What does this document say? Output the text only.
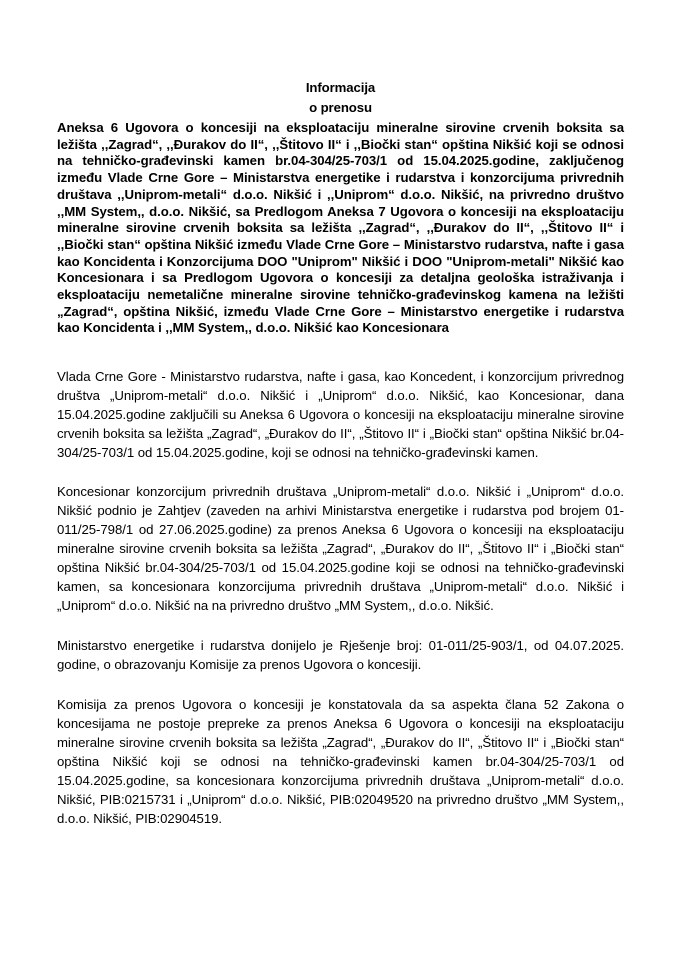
Informacija
o prenosu
Aneksa 6 Ugovora o koncesiji na eksploataciju mineralne sirovine crvenih boksita sa ležišta ,,Zagrad“, ,,Đurakov do II“, ,,Štitovo II“ i ,,Biočki stan“ opština Nikšić koji se odnosi na tehničko-građevinski kamen br.04-304/25-703/1 od 15.04.2025.godine, zaključenog između Vlade Crne Gore – Ministarstva energetike i rudarstva i konzorcijuma privrednih društava ,,Uniprom-metali“ d.o.o. Nikšić i ,,Uniprom“ d.o.o. Nikšić, na privredno društvo ,,MM System,, d.o.o. Nikšić, sa Predlogom Aneksa 7 Ugovora o koncesiji na eksploataciju mineralne sirovine crvenih boksita sa ležišta ,,Zagrad“, ,,Đurakov do II“, ,,Štitovo II“ i ,,Biočki stan“ opština Nikšić između Vlade Crne Gore – Ministarstvo rudarstva, nafte i gasa kao Koncidenta i Konzorcijuma DOO "Uniprom" Nikšić i DOO "Uniprom-metali" Nikšić kao Koncesionara i sa Predlogom Ugovora o koncesiji za detaljna geološka istraživanja i eksploataciju nemetalične mineralne sirovine tehničko-građevinskog kamena na ležišti „Zagrad“, opština Nikšić, između Vlade Crne Gore – Ministarstvo energetike i rudarstva kao Koncidenta i ,,MM System,, d.o.o. Nikšić kao Koncesionara
Vlada Crne Gore - Ministarstvo rudarstva, nafte i gasa, kao Koncedent, i konzorcijum privrednog društva „Uniprom-metali“ d.o.o. Nikšić i „Uniprom“ d.o.o. Nikšić, kao Koncesionar, dana 15.04.2025.godine zaključili su Aneksa 6 Ugovora o koncesiji na eksploataciju mineralne sirovine crvenih boksita sa ležišta „Zagrad“, „Đurakov do II“, „Štitovo II“ i „Biočki stan“ opština Nikšić br.04-304/25-703/1 od 15.04.2025.godine, koji se odnosi na tehničko-građevinski kamen.
Koncesionar konzorcijum privrednih društava „Uniprom-metali“ d.o.o. Nikšić i „Uniprom“ d.o.o. Nikšić podnio je Zahtjev (zaveden na arhivi Ministarstva energetike i rudarstva pod brojem 01-011/25-798/1 od 27.06.2025.godine) za prenos Aneksa 6 Ugovora o koncesiji na eksploataciju mineralne sirovine crvenih boksita sa ležišta „Zagrad“, „Đurakov do II“, „Štitovo II“ i „Biočki stan“ opština Nikšić br.04-304/25-703/1 od 15.04.2025.godine koji se odnosi na tehničko-građevinski kamen, sa koncesionara konzorcijuma privrednih društava „Uniprom-metali“ d.o.o. Nikšić i „Uniprom“ d.o.o. Nikšić na na privredno društvo „MM System,, d.o.o. Nikšić.
Ministarstvo energetike i rudarstva donijelo je Rješenje broj: 01-011/25-903/1, od 04.07.2025. godine, o obrazovanju Komisije za prenos Ugovora o koncesiji.
Komisija za prenos Ugovora o koncesiji je konstatovala da sa aspekta člana 52 Zakona o koncesijama ne postoje prepreke za prenos Aneksa 6 Ugovora o koncesiji na eksploataciju mineralne sirovine crvenih boksita sa ležišta „Zagrad“, „Đurakov do II“, „Štitovo II“ i „Biočki stan“ opština Nikšić koji se odnosi na tehničko-građevinski kamen br.04-304/25-703/1 od 15.04.2025.godine, sa koncesionara konzorcijuma privrednih društava „Uniprom-metali“ d.o.o. Nikšić, PIB:0215731 i „Uniprom“ d.o.o. Nikšić, PIB:02049520 na privredno društvo „MM System,, d.o.o. Nikšić, PIB:02904519.
